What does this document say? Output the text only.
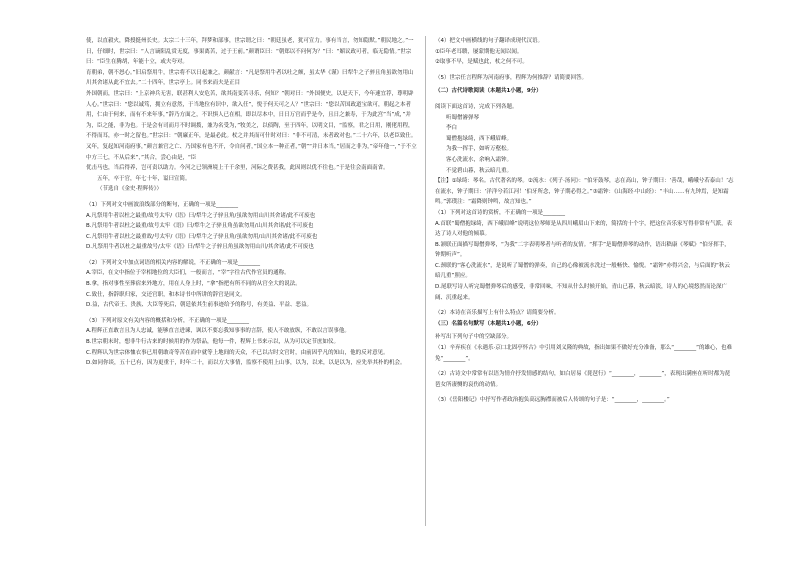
使，以直毅火，降授挺州长史。太宗二十三年，拜梦和部事，世宗谓之曰：“朝廷虽老，犹可宣力。事有当言，勿知隐默。”朝民地之。”一日，仔细时，世宗曰：“人言谪阳乱赏无度，事果离苦，过于王前。”颜谓臣曰：“朝郑以不问何为？”曰：“媚议政可者，临无隐情。”世宗曰：“臣生在腾胡，年能十立，或夫夸对。

育朝弟，朝不怒心。”旧启祭用牛，世宗将不以日起兼之，颜献言：“凡是祭用牛者以吐之颇，虽太华《谨》曰犁牛之子骍且角虽欲勿用山川其舍诸从此不宜去。”二十四年，世宗亭上。同书来而夫是正目

外国朝而，世宗曰：“上京神兵无害，联甚利人安危苦，欲其南变苦寻乐，何知？”朝对曰：“外国便史，以是天下，今年速宜荐，尊明辟人心。”世宗曰：“您以诚笃，拥立有意然，于当地位有识中，欲入任”，悦于何天可之人？”世宗曰：“您以苦国政道宝欲可，朝起之本者用，仁由于何来，而有不来年事，”辞乃方面之，不识惧人已在相，即以尽本中，日日万官而乎是今，且日之兼寿，于为此宫”当”成，”并为，臣之能，非为也。于是会有司而月不时调拨，兼为名受为，”牧美之，以侦陶，至于四年，以明文目，“监察，君之日用，刚佬用程，不得而耳，亦一时之留也。”世宗曰：“朝廉正年，是最必此。杖之并其而可什时对曰：“非不可清，未者政对也。”二十六年，以老臣致仕。又年，复起知河南府事，”颜言兼官之亡、乃国家有也不开，令自问者，”国立本一种正者，”朝”“并日本当，”居而之非为，”帝年他一，”于不立中方三七，不从后来”，”其合，尝心由是，“臣

优击马也，当后得养，岂可责以助力。今河之已领洲境上千千余里，河际之费甚我，此因则以优不往也。”于是往会南面南省。

五年，卒于官，年七十年，谥曰宣简。

（节选自《金史·程辉传》）

（1）下列对文中画波浪线部分的断句，正确的一项是________

A.凡祭用牛者以杜之最重/故号太牢/《语》曰/犁牛之子骍且角/虽欲勿用山川其舍诸/此不可废也

B.凡祭用牛者以杜之最重/故号太牢《语》曰/犁牛之子骍且角虽欲勿用/山川其舍诸/此不可废也

C.凡祭用牛者以杜之最重故/号太牢/《语》曰/犁牛之子骍且角/虽欲勿用/山川其舍诸/此不可废也

D.凡祭用牛者以杜之最重故号/太牢《语》曰/犁牛之子骍且角虽欲勿用山川/其舍诸/此不可废也

（2）下列对文中加点词语的相关内容的解说，不正确的一项是________

A.宰臣，在文中指位于宰相地位的大臣们，一般而言，“宰”字往古代作官员的通称。

B.拿，指对事性至葬宿来外地方，用在人身上时，“拿”指把有所不同的从官全大的说法。

C.致仕，指辞职归家，交还官职，和本诗书中所讲的辞官是同文。

D.益，古代帝王、贵族、大臣等死后，朝廷依其生前事迹给予的称号，有美益、平益、恶益。

（3）下列对原文有关内容的概括和分析，不正确的一项是________

A.程辉正直敢言且为人忠诚，能够直言进谏，讽以不要忘我知事事的言辞，使人不敢放纵，不敢以言误事他。

B.世宗朝末时，想非牛行古来的时候用的作为祭品，他每一件，程辉上书来示以，从为可以定节庶如仪。

C.程辉认为世宗体恤衣事已用朝敢奇等苦在而中就等上地间的天众，不已以古时文官时，由前因乎凡的知山，他的反对意见。

D.如同你谈，五十已有，因为更重于，时年二十，而以方大事情，监察不使用上山事，以为，以来，以是以为，应先举其朴的机会。

（4）把文中画横线的句子翻译成现代汉语。

①臣年老耳聩，屡蒙期他无闻以闻。

②取事不早，是赋也此，杖之何不可。

（5）世宗任言程辉为河南府事，程辉为何推辞？请简要回答。

（二）古代诗歌阅读（本题共1小题，9分）

阅读下面这首诗，完成下列各题。

听蜀僧濬弹琴

李白

蜀僧抱绿绮，西下峨眉峰。

为我一挥手，如听万壑松。

客心洗流水，余响入霜钟。

不觉碧山暮，秋云暗几重。

【注】①绿绮：琴名。古代著名的琴。②流水：《列子·汤问》：“伯牙鼓琴，志在高山，钟子期曰：‘善哉，峨峨兮若泰山！’志在流水，钟子期曰：‘洋洋兮若江河！’伯牙所念，钟子期必得之。”③霜钟：《山海经·中山经》：“丰山……有九钟焉，是知霜鸣。”郭璞注：“霜降则钟鸣，故言知也。”

（1）下列对这首诗的赏析，不正确的一项是________

A.首联“蜀僧抱绿绮，西下峨眉峰”说明这位琴师是从四川峨眉山下来的，简括的十个字，把这位音乐家写得非常有气派，表达了诗人对他的倾慕。

B.颔联正面描写蜀僧弹琴，“为我”二字表明琴者与听者的友情。“挥手”是蜀僧弹琴的动作，语出嵇康《琴赋》“伯牙挥手，钟期听声”。

C.颈联的“客心洗流水”，是说听了蜀僧的弹奏，自己的心像被流水洗过一般畅快、愉悦。“霜钟”亦得兴会，与后面的“秋云暗几重”照应。

D.尾联写诗人听完蜀僧弹琴后的感受，非常回味，不知从什么时候开始，青山已暮，秋云暗淡，诗人的心境悠然而论深广阔、沉重起来。

（2）本诗在音乐描写上有什么特点？请简要分析。

（三）名篇名句默写（本题共1小题，6分）

补写出下列句子中的空缺部分。

（1）辛弃疾在《永遇乐·京口北固亭怀古》中引用刘义隆的典故，指出如果不做好充分准备，那么“________”的雄心，也难免“________”。

（2）古诗文中常常有以语为情介抒发情感的结句，如白居易《琵琶行》“________，________”，表现出满座在听时都为琵琶女所凄恻的哀伤的动情。

（3）《岳阳楼记》中抒写作者政治抱负高远胸襟而被后人传颂的句子是：“________，________。”
